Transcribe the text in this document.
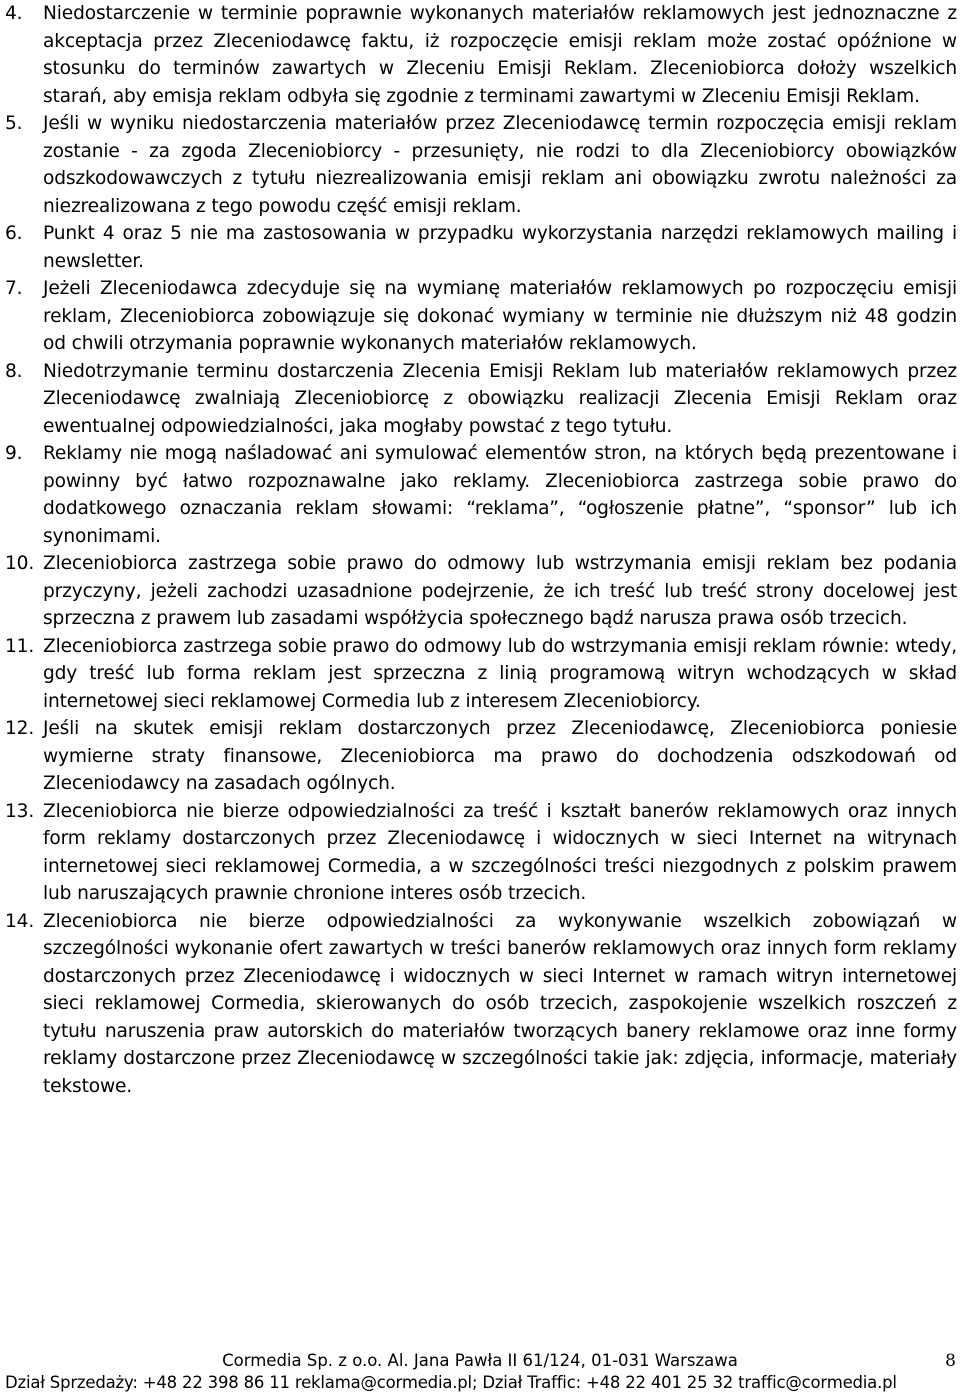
4. Niedostarczenie w terminie poprawnie wykonanych materiałów reklamowych jest jednoznaczne z akceptacja przez Zleceniodawcę faktu, iż rozpoczęcie emisji reklam może zostać opóźnione w stosunku do terminów zawartych w Zleceniu Emisji Reklam. Zleceniobiorca dołoży wszelkich starań, aby emisja reklam odbyła się zgodnie z terminami zawartymi w Zleceniu Emisji Reklam.
5. Jeśli w wyniku niedostarczenia materiałów przez Zleceniodawcę termin rozpoczęcia emisji reklam zostanie - za zgoda Zleceniobiorcy - przesunięty, nie rodzi to dla Zleceniobiorcy obowiązków odszkodowawczych z tytułu niezrealizowania emisji reklam ani obowiązku zwrotu należności za niezrealizowana z tego powodu część emisji reklam.
6. Punkt 4 oraz 5 nie ma zastosowania w przypadku wykorzystania narzędzi reklamowych mailing i newsletter.
7. Jeżeli Zleceniodawca zdecyduje się na wymianę materiałów reklamowych po rozpoczęciu emisji reklam, Zleceniobiorca zobowiązuje się dokonać wymiany w terminie nie dłuższym niż 48 godzin od chwili otrzymania poprawnie wykonanych materiałów reklamowych.
8. Niedotrzymanie terminu dostarczenia Zlecenia Emisji Reklam lub materiałów reklamowych przez Zleceniodawcę zwalniają Zleceniobiorcę z obowiązku realizacji Zlecenia Emisji Reklam oraz ewentualnej odpowiedzialności, jaka mogłaby powstać z tego tytułu.
9. Reklamy nie mogą naśladować ani symulować elementów stron, na których będą prezentowane i powinny być łatwo rozpoznawalne jako reklamy. Zleceniobiorca zastrzega sobie prawo do dodatkowego oznaczania reklam słowami: “reklama”, “ogłoszenie płatne”, “sponsor” lub ich synonimami.
10. Zleceniobiorca zastrzega sobie prawo do odmowy lub wstrzymania emisji reklam bez podania przyczyny, jeżeli zachodzi uzasadnione podejrzenie, że ich treść lub treść strony docelowej jest sprzeczna z prawem lub zasadami współżycia społecznego bądź narusza prawa osób trzecich.
11. Zleceniobiorca zastrzega sobie prawo do odmowy lub do wstrzymania emisji reklam równie: wtedy, gdy treść lub forma reklam jest sprzeczna z linią programową witryn wchodzących w skład internetowej sieci reklamowej Cormedia lub z interesem Zleceniobiorcy.
12. Jeśli na skutek emisji reklam dostarczonych przez Zleceniodawcę, Zleceniobiorca poniesie wymierne straty finansowe, Zleceniobiorca ma prawo do dochodzenia odszkodowań od Zleceniodawcy na zasadach ogólnych.
13. Zleceniobiorca nie bierze odpowiedzialności za treść i kształt banerów reklamowych oraz innych form reklamy dostarczonych przez Zleceniodawcę i widocznych w sieci Internet na witrynach internetowej sieci reklamowej Cormedia, a w szczególności treści niezgodnych z polskim prawem lub naruszających prawnie chronione interes osób trzecich.
14. Zleceniobiorca nie bierze odpowiedzialności za wykonywanie wszelkich zobowiązań w szczególności wykonanie ofert zawartych w treści banerów reklamowych oraz innych form reklamy dostarczonych przez Zleceniodawcę i widocznych w sieci Internet w ramach witryn internetowej sieci reklamowej Cormedia, skierowanych do osób trzecich, zaspokojenie wszelkich roszczeń z tytułu naruszenia praw autorskich do materiałów tworzących banery reklamowe oraz inne formy reklamy dostarczone przez Zleceniodawcę w szczególności takie jak: zdjęcia, informacje, materiały tekstowe.
Cormedia Sp. z o.o. Al. Jana Pawła II 61/124, 01-031 Warszawa	8
Dział Sprzedaży: +48 22 398 86 11 reklama@cormedia.pl; Dział Traffic: +48 22 401 25 32 traffic@cormedia.pl
